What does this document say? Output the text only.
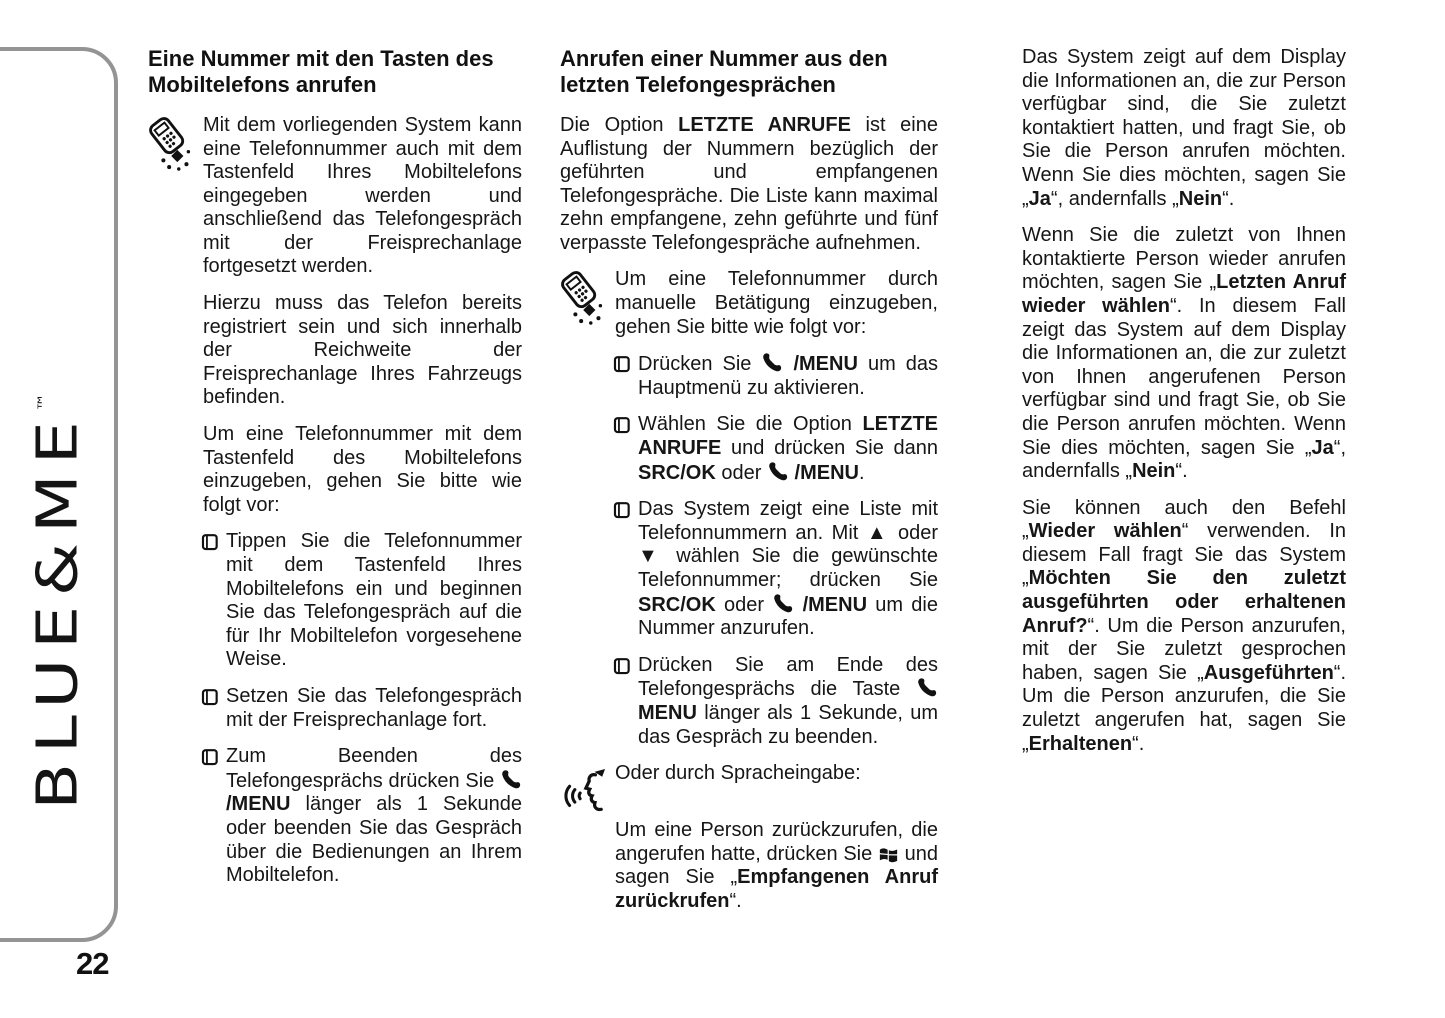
BLUE&ME™
22
Eine Nummer mit den Tasten des Mobiltelefons anrufen

Mit dem vorliegenden System kann eine Telefonnummer auch mit dem Tastenfeld Ihres Mobiltelefons eingegeben werden und anschließend das Telefongespräch mit der Freisprechanlage fortgesetzt werden.

Hierzu muss das Telefon bereits registriert sein und sich innerhalb der Reichweite der Freisprechanlage Ihres Fahrzeugs befinden.

Um eine Telefonnummer mit dem Tastenfeld des Mobiltelefons einzugeben, gehen Sie bitte wie folgt vor:

Tippen Sie die Telefonnummer mit dem Tastenfeld Ihres Mobiltelefons ein und beginnen Sie das Telefongespräch auf die für Ihr Mobiltelefon vorgesehene Weise.

Setzen Sie das Telefongespräch mit der Freisprechanlage fort.

Zum Beenden des Telefongesprächs drücken Sie  /MENU länger als 1 Sekunde oder beenden Sie das Gespräch über die Bedienungen an Ihrem Mobiltelefon.

Anrufen einer Nummer aus den letzten Telefongesprächen

Die Option LETZTE ANRUFE ist eine Auflistung der Nummern bezüglich der geführten und empfangenen Telefongespräche. Die Liste kann maximal zehn empfangene, zehn geführte und fünf verpasste Telefongespräche aufnehmen.

Um eine Telefonnummer durch manuelle Betätigung einzugeben, gehen Sie bitte wie folgt vor:

Drücken Sie  /MENU um das Hauptmenü zu aktivieren.

Wählen Sie die Option LETZTE ANRUFE und drücken Sie dann SRC/OK oder  /MENU.

Das System zeigt eine Liste mit Telefonnummern an. Mit ▲ oder ▼ wählen Sie die gewünschte Telefonnummer; drücken Sie SRC/OK oder  /MENU um die Nummer anzurufen.

Drücken Sie am Ende des Telefongesprächs die Taste  MENU länger als 1 Sekunde, um das Gespräch zu beenden.

Oder durch Spracheingabe:

Um eine Person zurückzurufen, die angerufen hatte, drücken Sie  und sagen Sie „Empfangenen Anruf zurückrufen“.

Das System zeigt auf dem Display die Informationen an, die zur Person verfügbar sind, die Sie zuletzt kontaktiert hatten, und fragt Sie, ob Sie die Person anrufen möchten. Wenn Sie dies möchten, sagen Sie „Ja“, andernfalls „Nein“.

Wenn Sie die zuletzt von Ihnen kontaktierte Person wieder anrufen möchten, sagen Sie „Letzten Anruf wieder wählen“. In diesem Fall zeigt das System auf dem Display die Informationen an, die zur zuletzt von Ihnen angerufenen Person verfügbar sind und fragt Sie, ob Sie die Person anrufen möchten. Wenn Sie dies möchten, sagen Sie „Ja“, andernfalls „Nein“.

Sie können auch den Befehl „Wieder wählen“ verwenden. In diesem Fall fragt Sie das System „Möchten Sie den zuletzt ausgeführten oder erhaltenen Anruf?“. Um die Person anzurufen, mit der Sie zuletzt gesprochen haben, sagen Sie „Ausgeführten“. Um die Person anzurufen, die Sie zuletzt angerufen hat, sagen Sie „Erhaltenen“.
